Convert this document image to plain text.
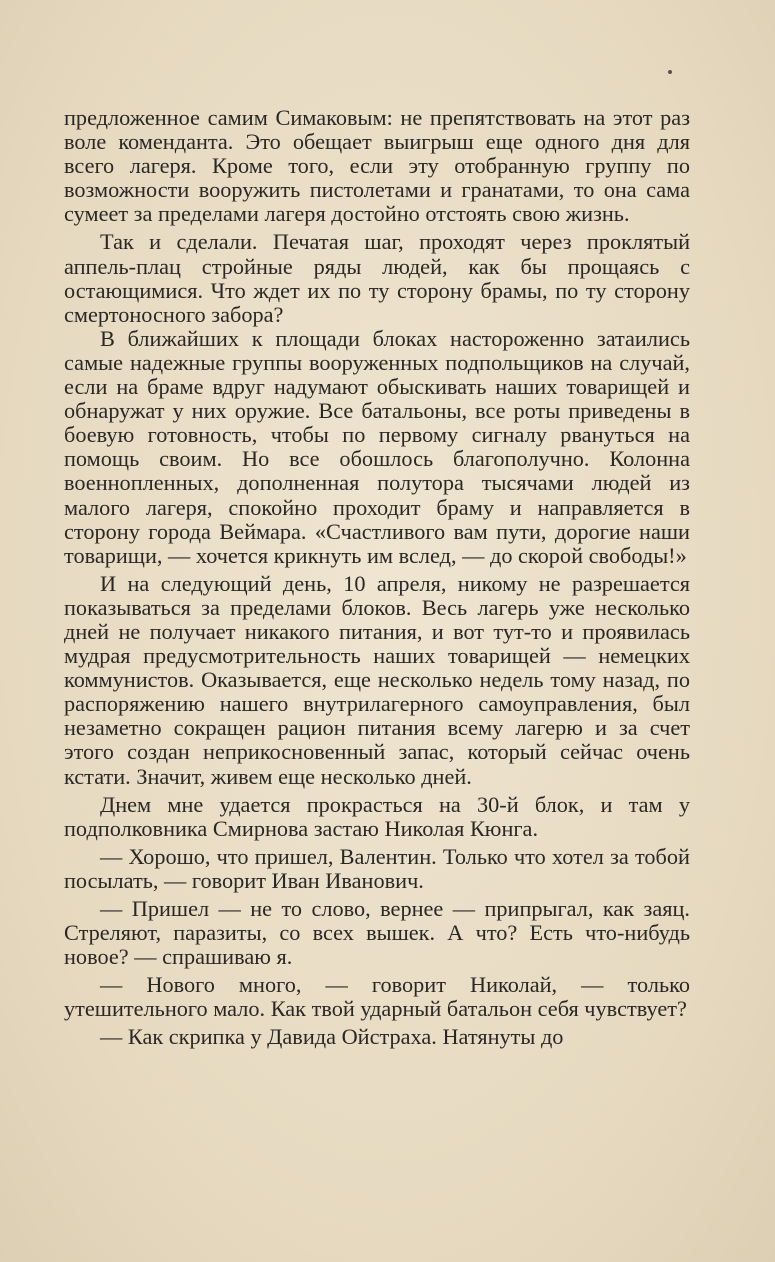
предложенное самим Симаковым: не препятствовать на этот раз воле коменданта. Это обещает выигрыш еще одного дня для всего лагеря. Кроме того, если эту отобранную группу по возможности вооружить пистолетами и гранатами, то она сама сумеет за пределами лагеря достойно отстоять свою жизнь.

Так и сделали. Печатая шаг, проходят через проклятый аппель-плац стройные ряды людей, как бы прощаясь с остающимися. Что ждет их по ту сторону брамы, по ту сторону смертоносного забора?

В ближайших к площади блоках настороженно затаились самые надежные группы вооруженных подпольщиков на случай, если на браме вдруг надумают обыскивать наших товарищей и обнаружат у них оружие. Все батальоны, все роты приведены в боевую готовность, чтобы по первому сигналу рвануться на помощь своим. Но все обошлось благополучно. Колонна военнопленных, дополненная полутора тысячами людей из малого лагеря, спокойно проходит браму и направляется в сторону города Веймара. «Счастливого вам пути, дорогие наши товарищи, — хочется крикнуть им вслед, — до скорой свободы!»

И на следующий день, 10 апреля, никому не разрешается показываться за пределами блоков. Весь лагерь уже несколько дней не получает никакого питания, и вот тут-то и проявилась мудрая предусмотрительность наших товарищей — немецких коммунистов. Оказывается, еще несколько недель тому назад, по распоряжению нашего внутрилагерного самоуправления, был незаметно сокращен рацион питания всему лагерю и за счет этого создан неприкосновенный запас, который сейчас очень кстати. Значит, живем еще несколько дней.

Днем мне удается прокрасться на 30-й блок, и там у подполковника Смирнова застаю Николая Кюнга.

— Хорошо, что пришел, Валентин. Только что хотел за тобой посылать, — говорит Иван Иванович.

— Пришел — не то слово, вернее — припрыгал, как заяц. Стреляют, паразиты, со всех вышек. А что? Есть что-нибудь новое? — спрашиваю я.

— Нового много, — говорит Николай, — только утешительного мало. Как твой ударный батальон себя чувствует?

— Как скрипка у Давида Ойстраха. Натянуты до
